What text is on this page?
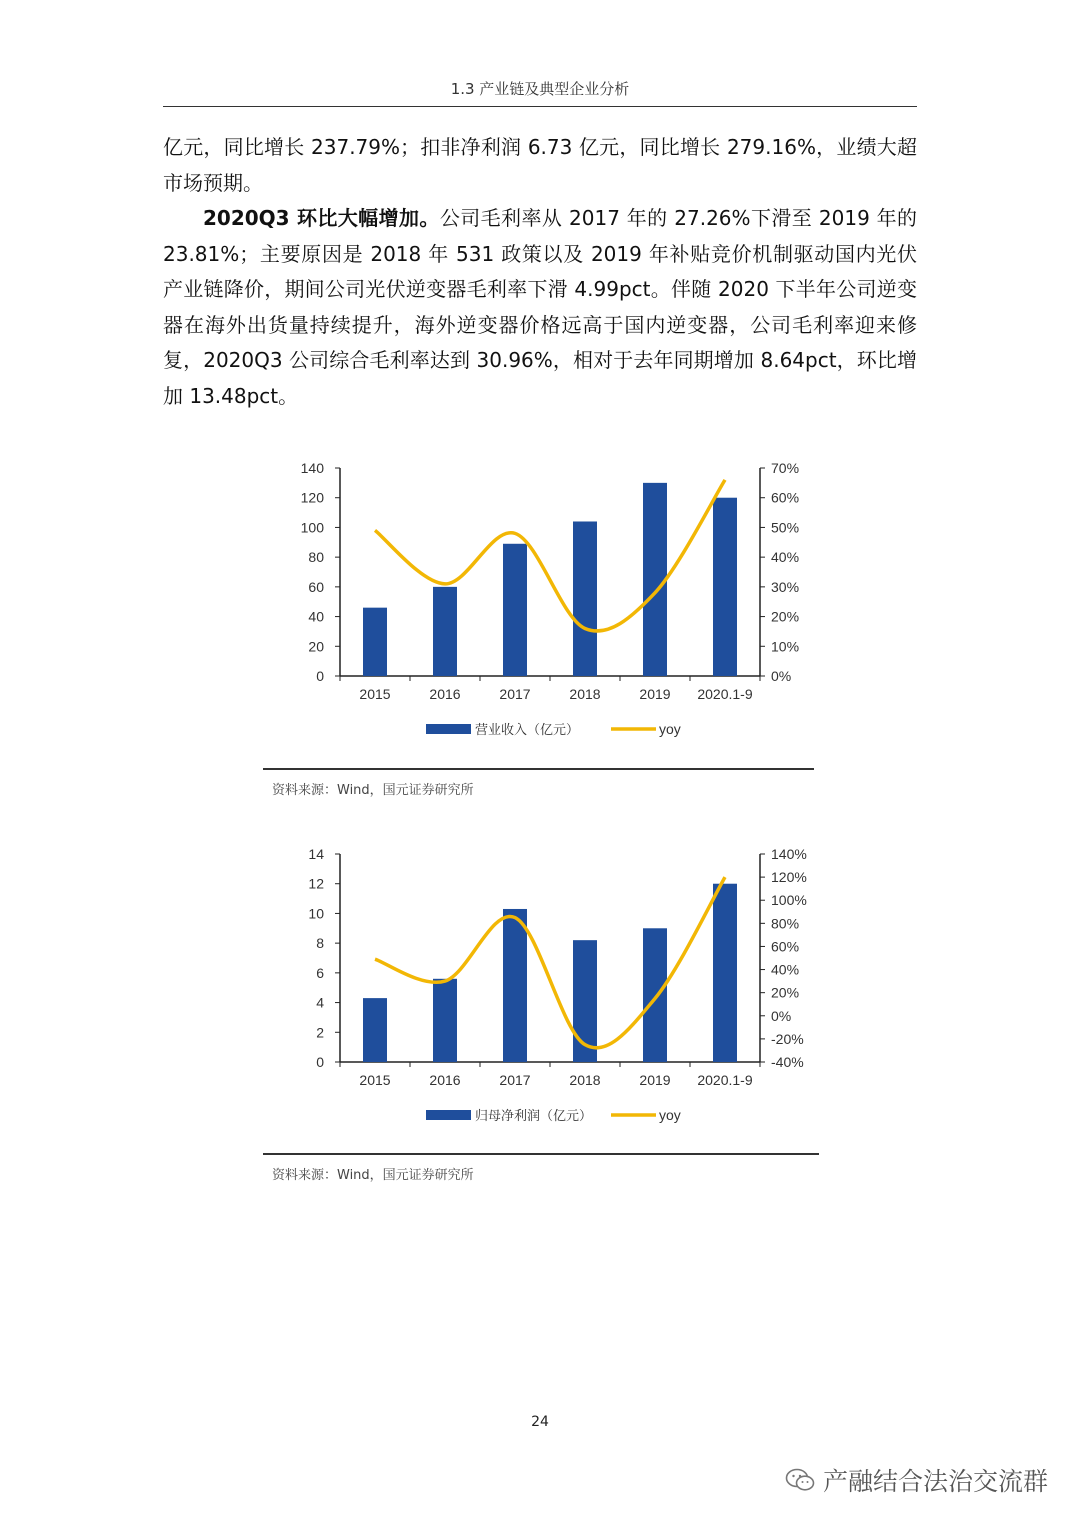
1.3 产业链及典型企业分析

亿元，同比增长 237.79%；扣非净利润 6.73 亿元，同比增长 279.16%，业绩大超市场预期。

2020Q3 环比大幅增加。公司毛利率从 2017 年的 27.26%下滑至 2019 年的 23.81%；主要原因是 2018 年 531 政策以及 2019 年补贴竞价机制驱动国内光伏产业链降价，期间公司光伏逆变器毛利率下滑 4.99pct。伴随 2020 下半年公司逆变器在海外出货量持续提升，海外逆变器价格远高于国内逆变器，公司毛利率迎来修复，2020Q3 公司综合毛利率达到 30.96%，相对于去年同期增加 8.64pct，环比增加 13.48pct。

0
20
40
60
80
100
120
140
0%
10%
20%
30%
40%
50%
60%
70%
2015	2016	2017	2018	2019 2020.1-9
营业收入（亿元）	yoy
资料来源：Wind，国元证券研究所
0
2
4
6
8
10
12
14
-40%
-20%
0%
20%
40%
60%
80%
100%
120%
140%
2015	2016	2017	2018	2019 2020.1-9
归母净利润（亿元）	yoy
资料来源：Wind，国元证券研究所
24
产融结合法治交流群
